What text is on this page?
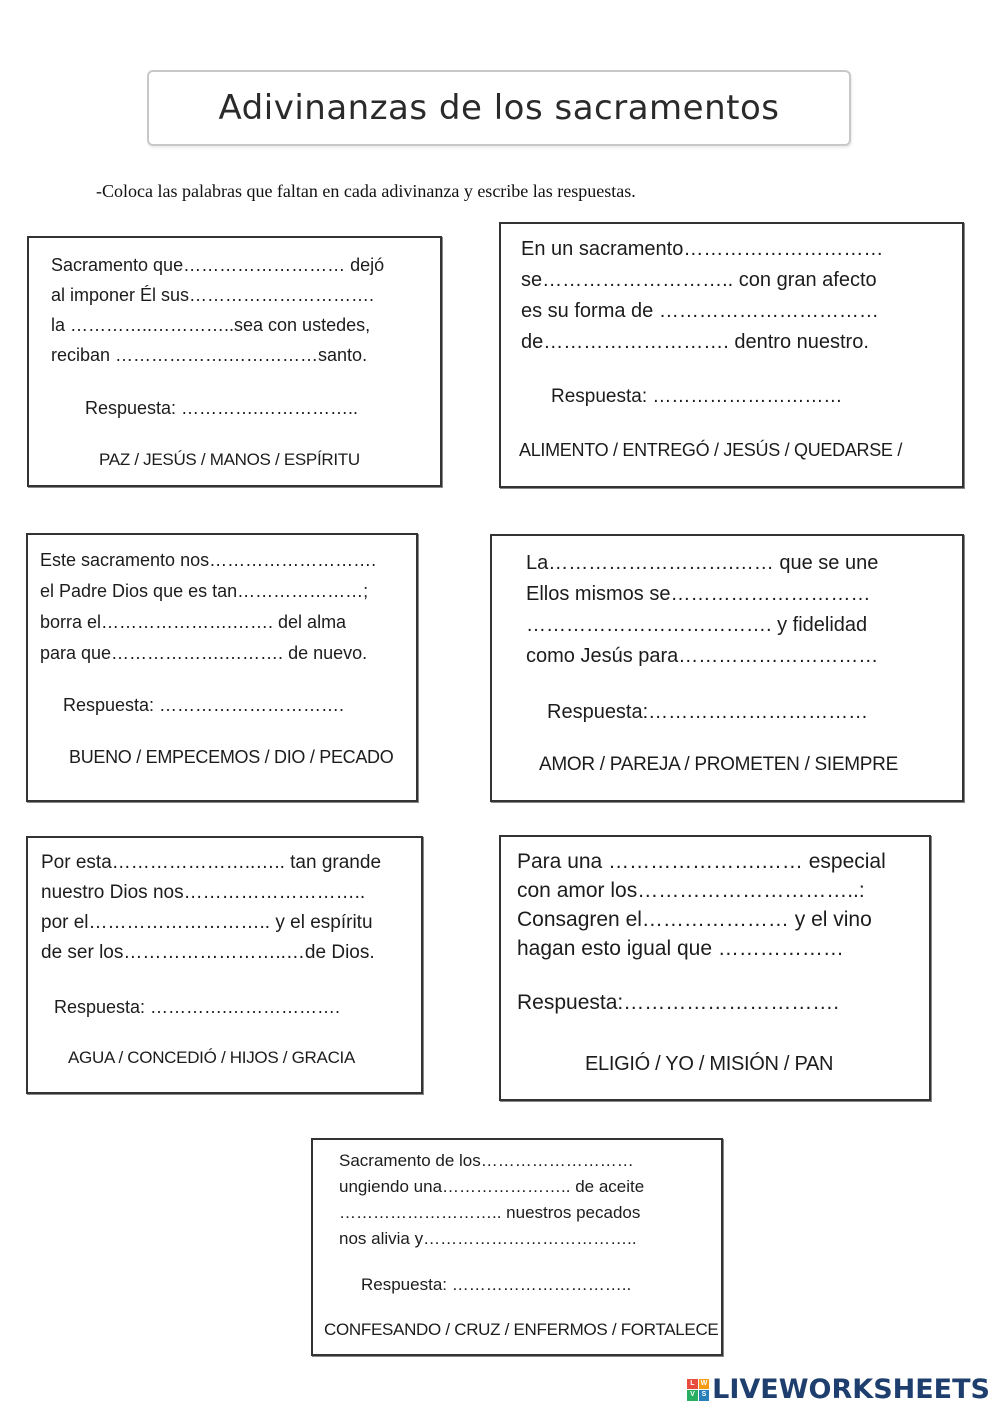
Adivinanzas de los sacramentos
-Coloca las palabras que faltan en cada adivinanza y escribe las respuestas.
Sacramento que……………………… dejó
al imponer Él sus………………………….
la …………..…………..sea con ustedes,
reciban ……………….……………santo.
Respuesta: ………….……………..
PAZ / JESÚS / MANOS / ESPÍRITU
En un sacramento…………………………
se……………………….. con gran afecto
es su forma de ……………………………
de………………………. dentro nuestro.
Respuesta: …………………………
ALIMENTO / ENTREGÓ / JESÚS / QUEDARSE /
Este sacramento nos……………………….
el Padre Dios que es tan…………………;
borra el………………….……. del alma
para que……………….………. de nuevo.
Respuesta: ………………………….
BUENO / EMPECEMOS / DIO / PECADO
La……………………….…… que se une
Ellos mismos se…………………………
………………………………. y fidelidad
como Jesús para…………………………
Respuesta:……………………………
AMOR / PAREJA / PROMETEN / SIEMPRE
Por esta…………………..….. tan grande
nuestro Dios nos………………………..
por el……………………….. y el espíritu
de ser los……………………..…de Dios.
Respuesta: ………….……………….
AGUA / CONCEDIÓ / HIJOS / GRACIA
Para una ………………….…… especial
con amor los…………………………..:
Consagren el………………… y el vino
hagan esto igual que ………………
Respuesta:………………………….
ELIGIÓ / YO / MISIÓN / PAN
Sacramento de los………………………
ungiendo una………………….. de aceite
……………………….. nuestros pecados
nos alivia y………………………………..
Respuesta: …………………………..
CONFESANDO / CRUZ / ENFERMOS / FORTALECE
L W
V S LIVEWORKSHEETS
